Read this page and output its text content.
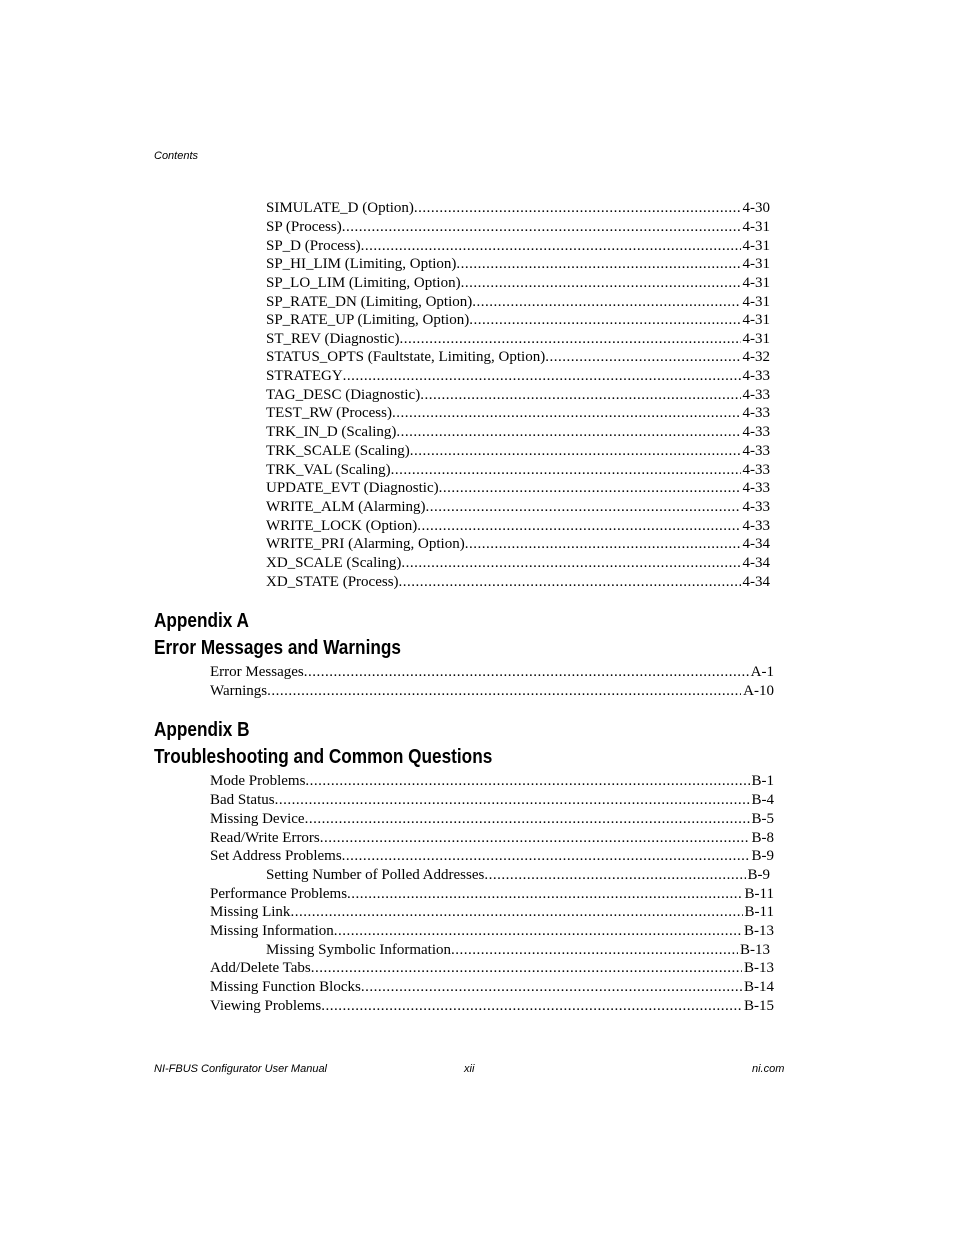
Contents
SIMULATE_D (Option) .....	4-30
SP (Process) .....	4-31
SP_D (Process) .....	4-31
SP_HI_LIM (Limiting, Option) .....	4-31
SP_LO_LIM (Limiting, Option) .....	4-31
SP_RATE_DN (Limiting, Option) .....	4-31
SP_RATE_UP (Limiting, Option) .....	4-31
ST_REV (Diagnostic) .....	4-31
STATUS_OPTS (Faultstate, Limiting, Option) .....	4-32
STRATEGY .....	4-33
TAG_DESC (Diagnostic) .....	4-33
TEST_RW (Process) .....	4-33
TRK_IN_D (Scaling) .....	4-33
TRK_SCALE (Scaling) .....	4-33
TRK_VAL (Scaling) .....	4-33
UPDATE_EVT (Diagnostic) .....	4-33
WRITE_ALM (Alarming) .....	4-33
WRITE_LOCK (Option) .....	4-33
WRITE_PRI (Alarming, Option) .....	4-34
XD_SCALE (Scaling) .....	4-34
XD_STATE (Process) .....	4-34
Appendix A
Error Messages and Warnings
Error Messages .....	A-1
Warnings .....	A-10
Appendix B
Troubleshooting and Common Questions
Mode Problems .....	B-1
Bad Status .....	B-4
Missing Device .....	B-5
Read/Write Errors .....	B-8
Set Address Problems .....	B-9
Setting Number of Polled Addresses .....	B-9
Performance Problems .....	B-11
Missing Link .....	B-11
Missing Information .....	B-13
Missing Symbolic Information .....	B-13
Add/Delete Tabs .....	B-13
Missing Function Blocks .....	B-14
Viewing Problems .....	B-15
NI-FBUS Configurator User Manual	xii	ni.com
